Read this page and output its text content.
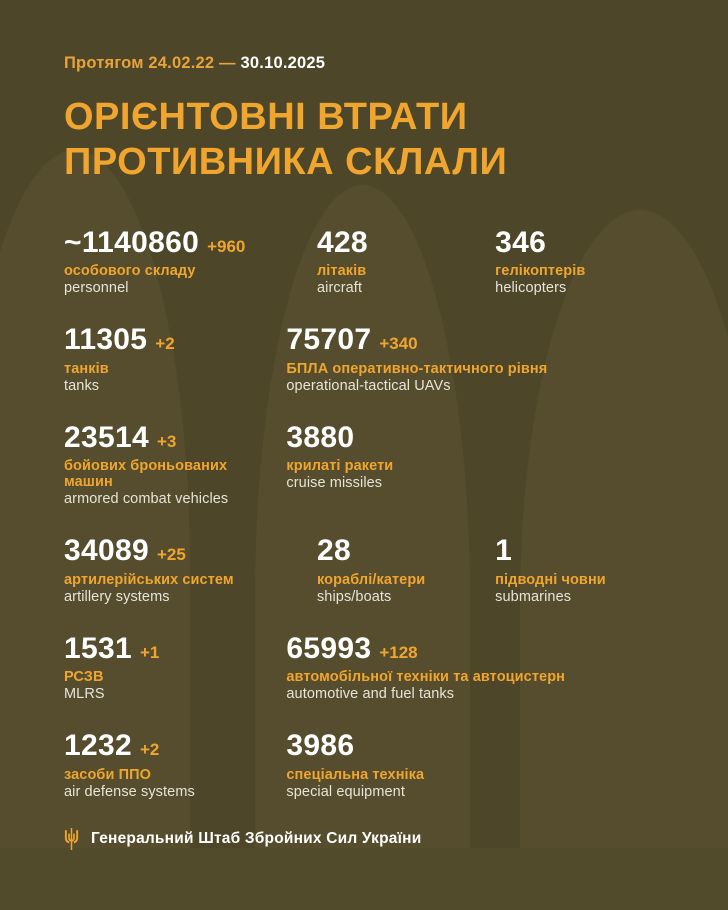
Протягом 24.02.22 — 30.10.2025
ОРІЄНТОВНІ ВТРАТИ
ПРОТИВНИКА СКЛАЛИ
~1140860 +960
особового складу
personnel
428
літаків
aircraft
346
гелікоптерів
helicopters
11305 +2
танків
tanks
75707 +340
БПЛА оперативно-тактичного рівня
operational-tactical UAVs
23514 +3
бойових броньованих машин
armored combat vehicles
3880
крилаті ракети
cruise missiles
34089 +25
артилерійських систем
artillery systems
28
кораблі/катери
ships/boats
1
підводні човни
submarines
1531 +1
РСЗВ
MLRS
65993 +128
автомобільної техніки та автоцистерн
automotive and fuel tanks
1232 +2
засоби ППО
air defense systems
3986
спеціальна техніка
special equipment
Генеральний Штаб Збройних Сил України
